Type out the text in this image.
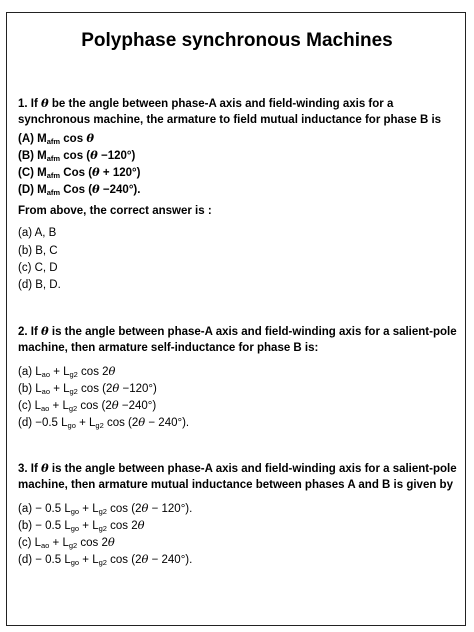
Polyphase synchronous Machines
1. If θ be the angle between phase-A axis and field-winding axis for a
synchronous machine, the armature to field mutual inductance for phase B is
(A) $M_{afm}$ cos θ
(B) $M_{afm}$ cos (θ −120°)
(C) $M_{afm}$ Cos (θ + 120°)
(D) $M_{afm}$ Cos (θ −240°).
From above, the correct answer is :
(a) A, B
(b) B, C
(c) C, D
(d) B, D.
2. If θ is the angle between phase-A axis and field-winding axis for a salient-pole
machine, then armature self-inductance for phase B is:
(a) $L_{ao} + L_{g2}$ cos 2θ
(b) $L_{ao} + L_{g2}$ cos (2θ −120°)
(c) $L_{ao} + L_{g2}$ cos (2θ −240°)
(d) −0.5 $L_{go} + L_{g2}$ cos (2θ − 240°).
3. If θ is the angle between phase-A axis and field-winding axis for a salient-pole
machine, then armature mutual inductance between phases A and B is given by
(a) − 0.5 $L_{go} + L_{g2}$ cos (2θ − 120°).
(b) − 0.5 $L_{go} + L_{g2}$ cos 2θ
(c) $L_{ao} + L_{g2}$ cos 2θ
(d) − 0.5 $L_{go} + L_{g2}$ cos (2θ − 240°).
